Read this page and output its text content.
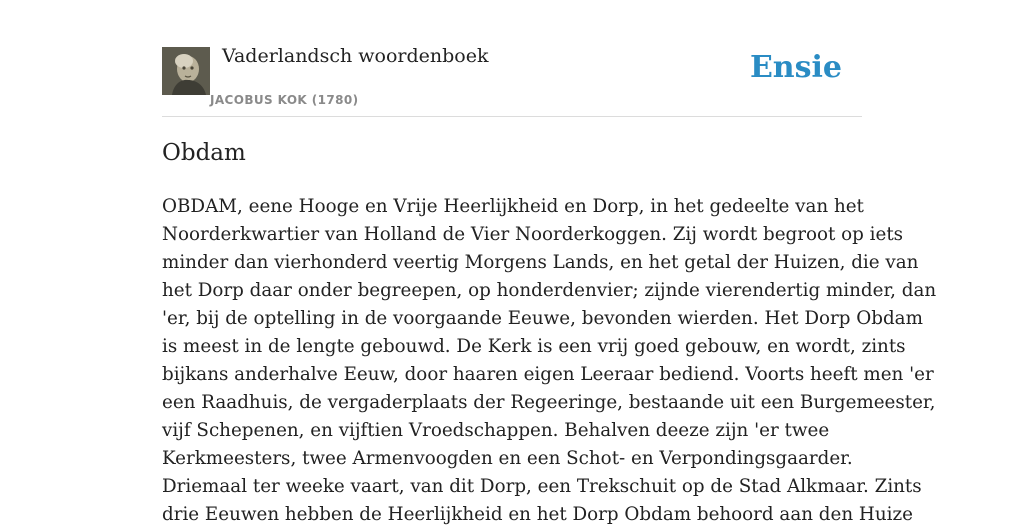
Vaderlandsch woordenboek
JACOBUS KOK (1780)
Ensie
Obdam
OBDAM, eene Hooge en Vrije Heerlijkheid en Dorp, in het gedeelte van het
Noorderkwartier van Holland de Vier Noorderkoggen. Zij wordt begroot op iets
minder dan vierhonderd veertig Morgens Lands, en het getal der Huizen, die van
het Dorp daar onder begreepen, op honderdenvier; zijnde vierendertig minder, dan
'er, bij de optelling in de voorgaande Eeuwe, bevonden wierden. Het Dorp Obdam
is meest in de lengte gebouwd. De Kerk is een vrij goed gebouw, en wordt, zints
bijkans anderhalve Eeuw, door haaren eigen Leeraar bediend. Voorts heeft men 'er
een Raadhuis, de vergaderplaats der Regeeringe, bestaande uit een Burgemeester,
vijf Schepenen, en vijftien Vroedschappen. Behalven deeze zijn 'er twee
Kerkmeesters, twee Armenvoogden en een Schot- en Verpondingsgaarder.
Driemaal ter weeke vaart, van dit Dorp, een Trekschuit op de Stad Alkmaar. Zints
drie Eeuwen hebben de Heerlijkheid en het Dorp Obdam behoord aan den Huize
